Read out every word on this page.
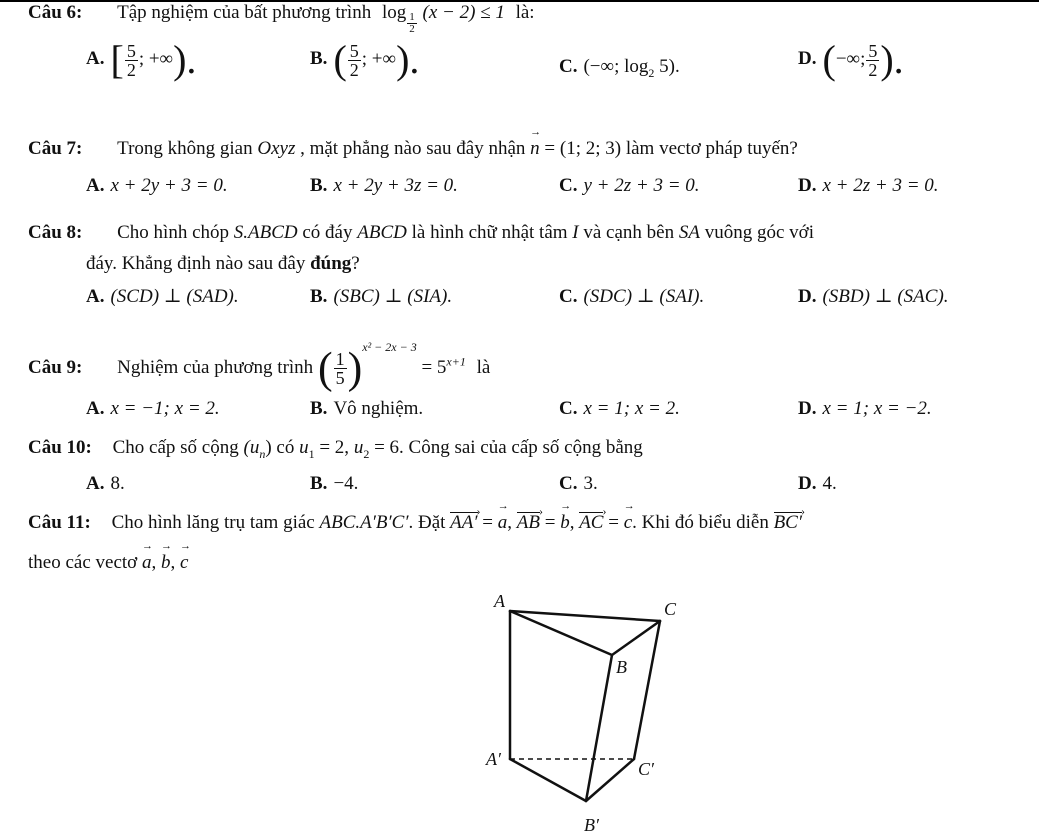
Câu 6: Tập nghiệm của bất phương trình $\log \frac{1}{2} (x - 2) \le 1$ là:
A. [ $\frac{5}{2}$ ; +∞).	B. ( $\frac{5}{2}$ ; +∞).	C. (−∞; $\log_2 5$).	D. (−∞; $\frac{5}{2}$ ).
Câu 7: Trong không gian Oxyz , mặt phẳng nào sau đây nhận → n = (1; 2; 3) làm vectơ pháp tuyến?
A. x + 2y + 3 = 0.	B. x + 2y + 3z = 0.	C. y + 2z + 3 = 0.	D. x + 2z + 3 = 0.
Câu 8: Cho hình chóp S.ABCD có đáy ABCD là hình chữ nhật tâm I và cạnh bên SA vuông góc với
đáy. Khẳng định nào sau đây đúng?
A. (SCD) ⊥ (SAD).	B. (SBC) ⊥ (SIA).	C. (SDC) ⊥ (SAI).	D. (SBD) ⊥ (SAC).
Câu 9: Nghiệm của phương trình ( $\frac{1}{5} )^{x^2 - 2x - 3} = 5^{x+1}$ là
A. x = −1; x = 2.	B. Vô nghiệm.	C. x = 1; x = 2.	D. x = 1; x = −2.
Câu 10: Cho cấp số cộng $(u_n)$ có $u_1 = 2$, $u_2 = 6$. Công sai của cấp số cộng bằng
A. 8.	B. −4.	C. 3.	D. 4.
Câu 11: Cho hình lăng trụ tam giác ABC.A′B′C′. Đặt AA′ › = → a, AB › = → b, AC › = → c. Khi đó biểu diễn BC′ ›
theo các vectơ → a, → b, → c
A	C
B
A′	C′
B′
